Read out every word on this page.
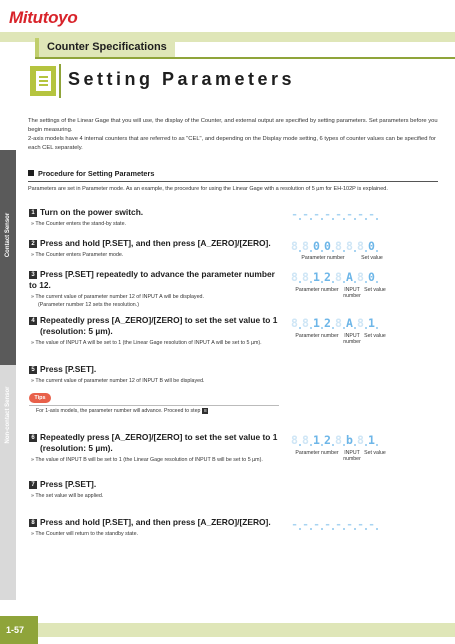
Mitutoyo
Counter Specifications
Setting Parameters
The settings of the Linear Gage that you will use, the display of the Counter, and external output are specified by setting parameters. Set parameters before you begin measuring.
2-axis models have 4 internal counters that are referred to as "CEL", and depending on the Display mode setting, 6 types of counter values can be specified for each CEL separately.
Contact Sensor
Non-contact Sensor
Procedure for Setting Parameters
Parameters are set in Parameter mode. As an example, the procedure for using the Linear Gage with a resolution of 5 µm for EH-102P is explained.
1 Turn on the power switch.
» The Counter enters the stand-by state.
2 Press and hold [P.SET], and then press [A_ZERO]/[ZERO].
» The Counter enters Parameter mode.
3 Press [P.SET] repeatedly to advance the parameter number to 12.
» The current value of parameter number 12 of INPUT A will be displayed.
(Parameter number 12 sets the resolution.)
4 Repeatedly press [A_ZERO]/[ZERO] to set the set value to 1
(resolution: 5 µm).
» The value of INPUT A will be set to 1 (the Linear Gage resolution of INPUT A will be set to 5 µm).
5 Press [P.SET].
» The current value of parameter number 12 of INPUT B will be displayed.
Tips
For 1-axis models, the parameter number will advance. Proceed to step 8
6 Repeatedly press [A_ZERO]/[ZERO] to set the set value to 1
(resolution: 5 µm).
» The value of INPUT B will be set to 1 (the Linear Gage resolution of INPUT B will be set to 5 µm).
7 Press [P.SET].
» The set value will be applied.
8 Press and hold [P.SET], and then press [A_ZERO]/[ZERO].
» The Counter will return to the standby state.
- - - - - - - -
8 8 0 0 8 8 8 0
Parameter number	Set value
8 8 1 2 8 A 8 0
Parameter number	INPUT
number
Set value
8 8 1 2 8 A 8 1
Parameter number	INPUT
number
Set value
8 8 1 2 8 b 8 1
Parameter number	INPUT
number
Set value
- - - - - - - -
1-57
